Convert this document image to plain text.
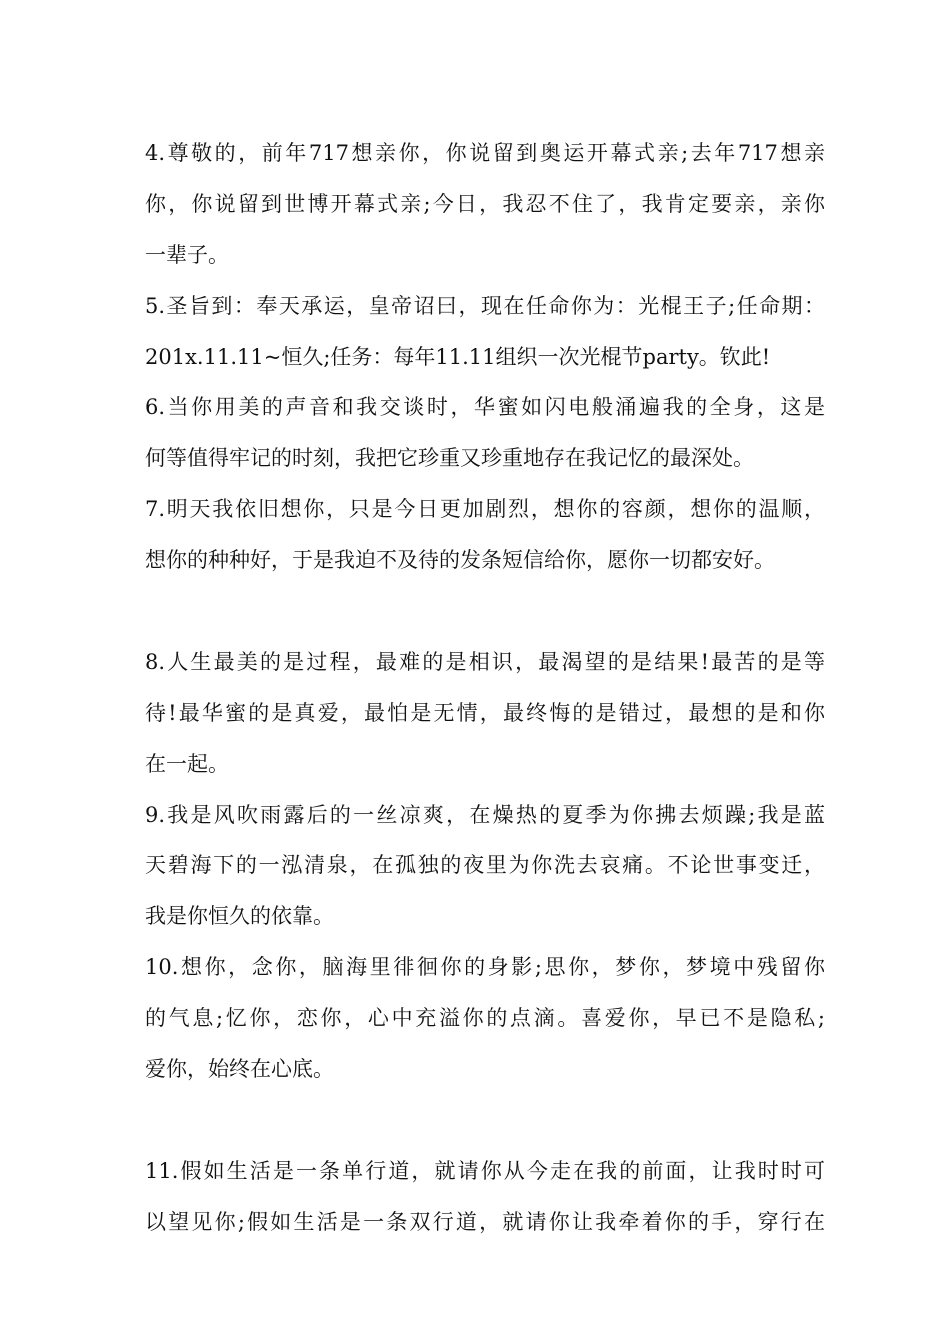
4.尊敬的，前年717想亲你，你说留到奥运开幕式亲;去年717想亲
你，你说留到世博开幕式亲;今日，我忍不住了，我肯定要亲，亲你
一辈子。
5.圣旨到：奉天承运，皇帝诏曰，现在任命你为：光棍王子;任命期：
201x.11.11~恒久;任务：每年11.11组织一次光棍节party。钦此!
6.当你用美的声音和我交谈时，华蜜如闪电般涌遍我的全身，这是
何等值得牢记的时刻，我把它珍重又珍重地存在我记忆的最深处。
7.明天我依旧想你，只是今日更加剧烈，想你的容颜，想你的温顺，
想你的种种好，于是我迫不及待的发条短信给你，愿你一切都安好。
8.人生最美的是过程，最难的是相识，最渴望的是结果!最苦的是等
待!最华蜜的是真爱，最怕是无情，最终悔的是错过，最想的是和你
在一起。
9.我是风吹雨露后的一丝凉爽，在燥热的夏季为你拂去烦躁;我是蓝
天碧海下的一泓清泉，在孤独的夜里为你洗去哀痛。不论世事变迁，
我是你恒久的依靠。
10.想你，念你，脑海里徘徊你的身影;思你，梦你，梦境中残留你
的气息;忆你，恋你，心中充溢你的点滴。喜爱你，早已不是隐私;
爱你，始终在心底。
11.假如生活是一条单行道，就请你从今走在我的前面，让我时时可
以望见你;假如生活是一条双行道，就请你让我牵着你的手，穿行在
